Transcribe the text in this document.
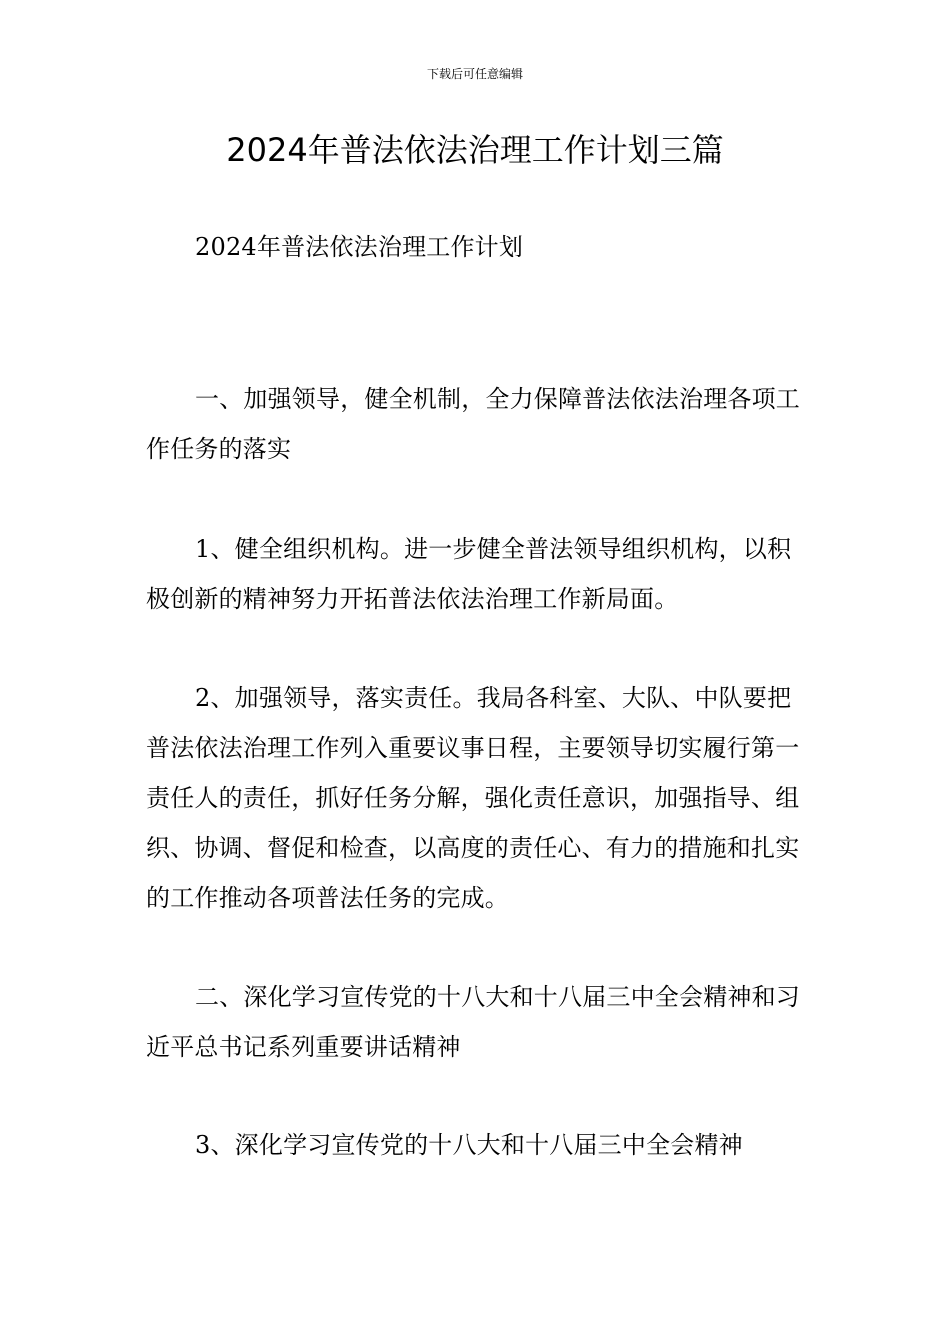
下载后可任意编辑
2024年普法依法治理工作计划三篇

2024年普法依法治理工作计划

一、加强领导，健全机制，全力保障普法依法治理各项工作任务的落实

1、健全组织机构。进一步健全普法领导组织机构，以积极创新的精神努力开拓普法依法治理工作新局面。

2、加强领导，落实责任。我局各科室、大队、中队要把普法依法治理工作列入重要议事日程，主要领导切实履行第一责任人的责任，抓好任务分解，强化责任意识，加强指导、组织、协调、督促和检查，以高度的责任心、有力的措施和扎实的工作推动各项普法任务的完成。

二、深化学习宣传党的十八大和十八届三中全会精神和习近平总书记系列重要讲话精神

3、深化学习宣传党的十八大和十八届三中全会精神
